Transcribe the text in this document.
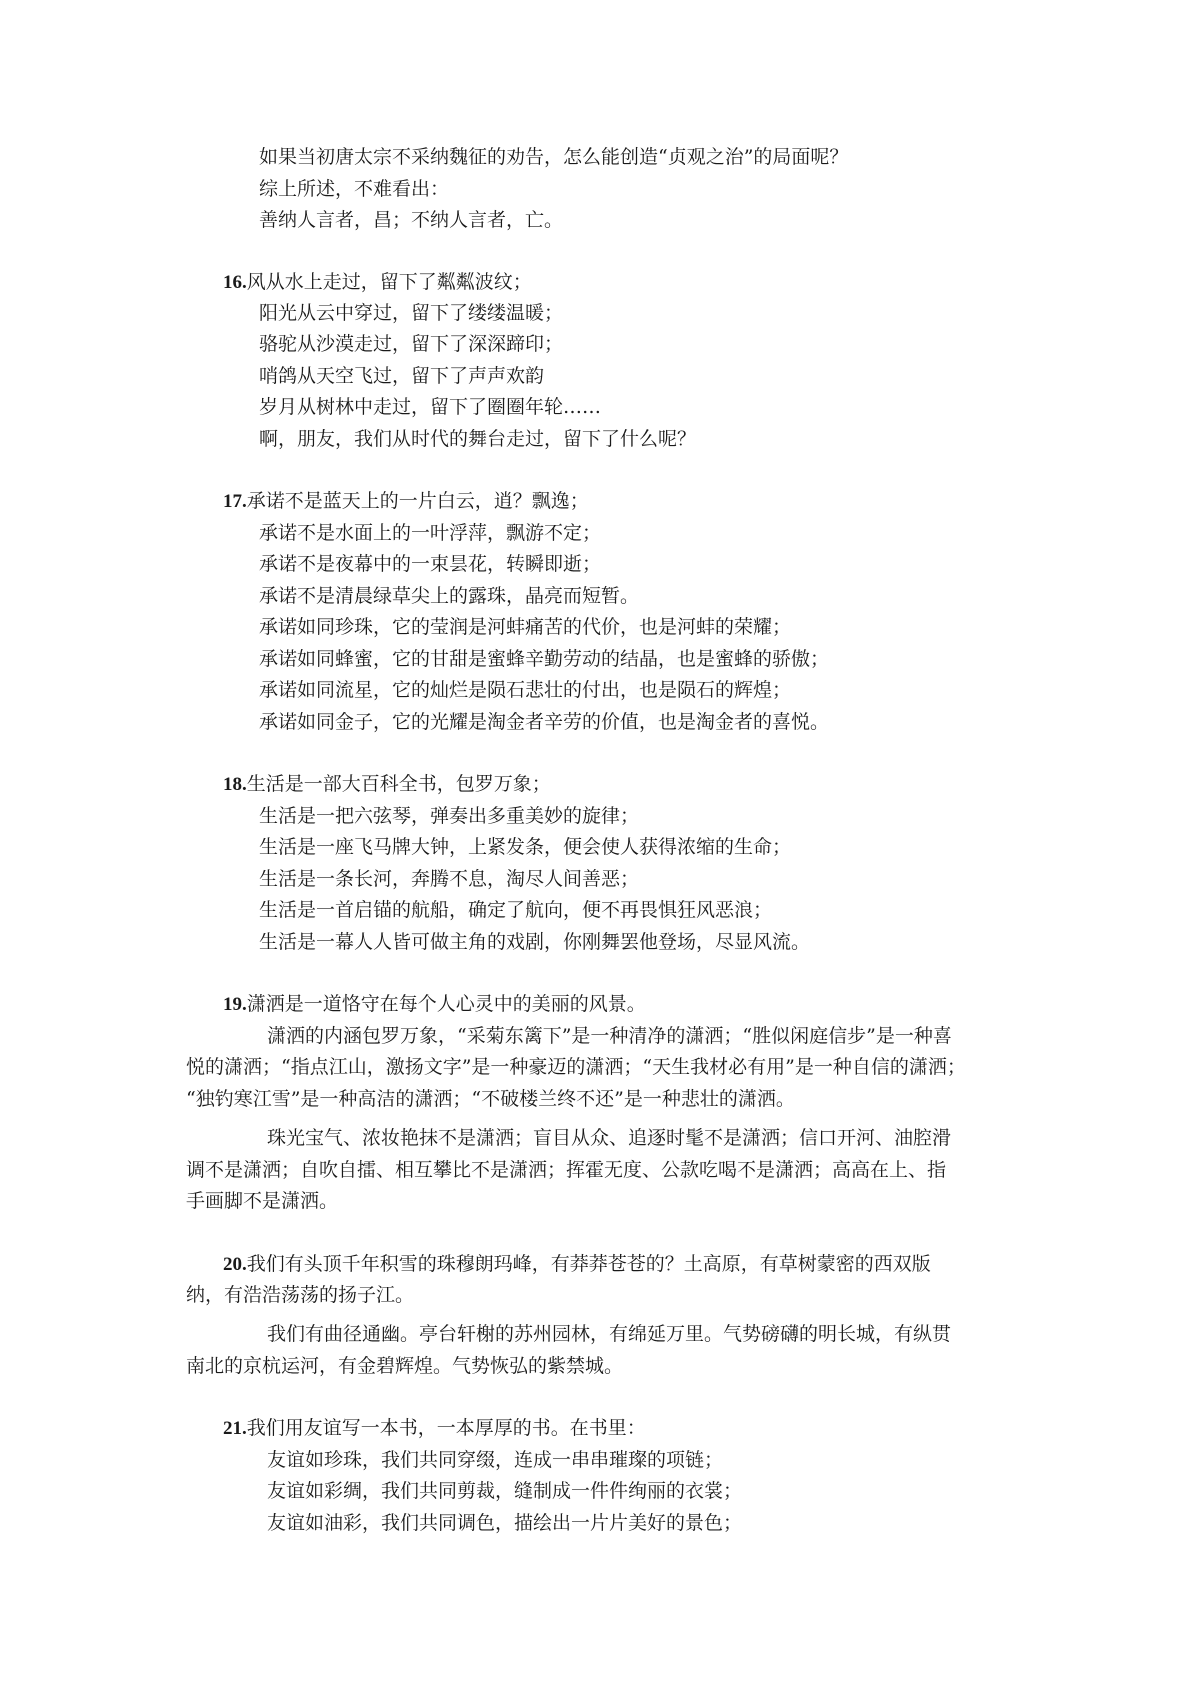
如果当初唐太宗不采纳魏征的劝告，怎么能创造“贞观之治”的局面呢？
综上所述，不难看出：
善纳人言者，昌；不纳人言者，亡。
16.风从水上走过，留下了粼粼波纹；
阳光从云中穿过，留下了缕缕温暖；
骆驼从沙漠走过，留下了深深蹄印；
哨鸽从天空飞过，留下了声声欢韵
岁月从树林中走过，留下了圈圈年轮……
啊，朋友，我们从时代的舞台走过，留下了什么呢？
17.承诺不是蓝天上的一片白云，逍？飘逸；
承诺不是水面上的一叶浮萍，飘游不定；
承诺不是夜幕中的一束昙花，转瞬即逝；
承诺不是清晨绿草尖上的露珠，晶亮而短暂。
承诺如同珍珠，它的莹润是河蚌痛苦的代价，也是河蚌的荣耀；
承诺如同蜂蜜，它的甘甜是蜜蜂辛勤劳动的结晶，也是蜜蜂的骄傲；
承诺如同流星，它的灿烂是陨石悲壮的付出，也是陨石的辉煌；
承诺如同金子，它的光耀是淘金者辛劳的价值，也是淘金者的喜悦。
18.生活是一部大百科全书，包罗万象；
生活是一把六弦琴，弹奏出多重美妙的旋律；
生活是一座飞马牌大钟，上紧发条，便会使人获得浓缩的生命；
生活是一条长河，奔腾不息，淘尽人间善恶；
生活是一首启锚的航船，确定了航向，便不再畏惧狂风恶浪；
生活是一幕人人皆可做主角的戏剧，你刚舞罢他登场，尽显风流。
19.潇洒是一道恪守在每个人心灵中的美丽的风景。
潇洒的内涵包罗万象，“采菊东篱下”是一种清净的潇洒；“胜似闲庭信步”是一种喜
悦的潇洒；“指点江山，激扬文字”是一种豪迈的潇洒；“天生我材必有用”是一种自信的潇洒；
“独钓寒江雪”是一种高洁的潇洒；“不破楼兰终不还”是一种悲壮的潇洒。
珠光宝气、浓妆艳抹不是潇洒；盲目从众、追逐时髦不是潇洒；信口开河、油腔滑
调不是潇洒；自吹自擂、相互攀比不是潇洒；挥霍无度、公款吃喝不是潇洒；高高在上、指
手画脚不是潇洒。
20.我们有头顶千年积雪的珠穆朗玛峰，有莽莽苍苍的？土高原，有草树蒙密的西双版
纳，有浩浩荡荡的扬子江。
我们有曲径通幽。亭台轩榭的苏州园林，有绵延万里。气势磅礴的明长城，有纵贯
南北的京杭运河，有金碧辉煌。气势恢弘的紫禁城。
21.我们用友谊写一本书，一本厚厚的书。在书里：
友谊如珍珠，我们共同穿缀，连成一串串璀璨的项链；
友谊如彩绸，我们共同剪裁，缝制成一件件绚丽的衣裳；
友谊如油彩，我们共同调色，描绘出一片片美好的景色；
